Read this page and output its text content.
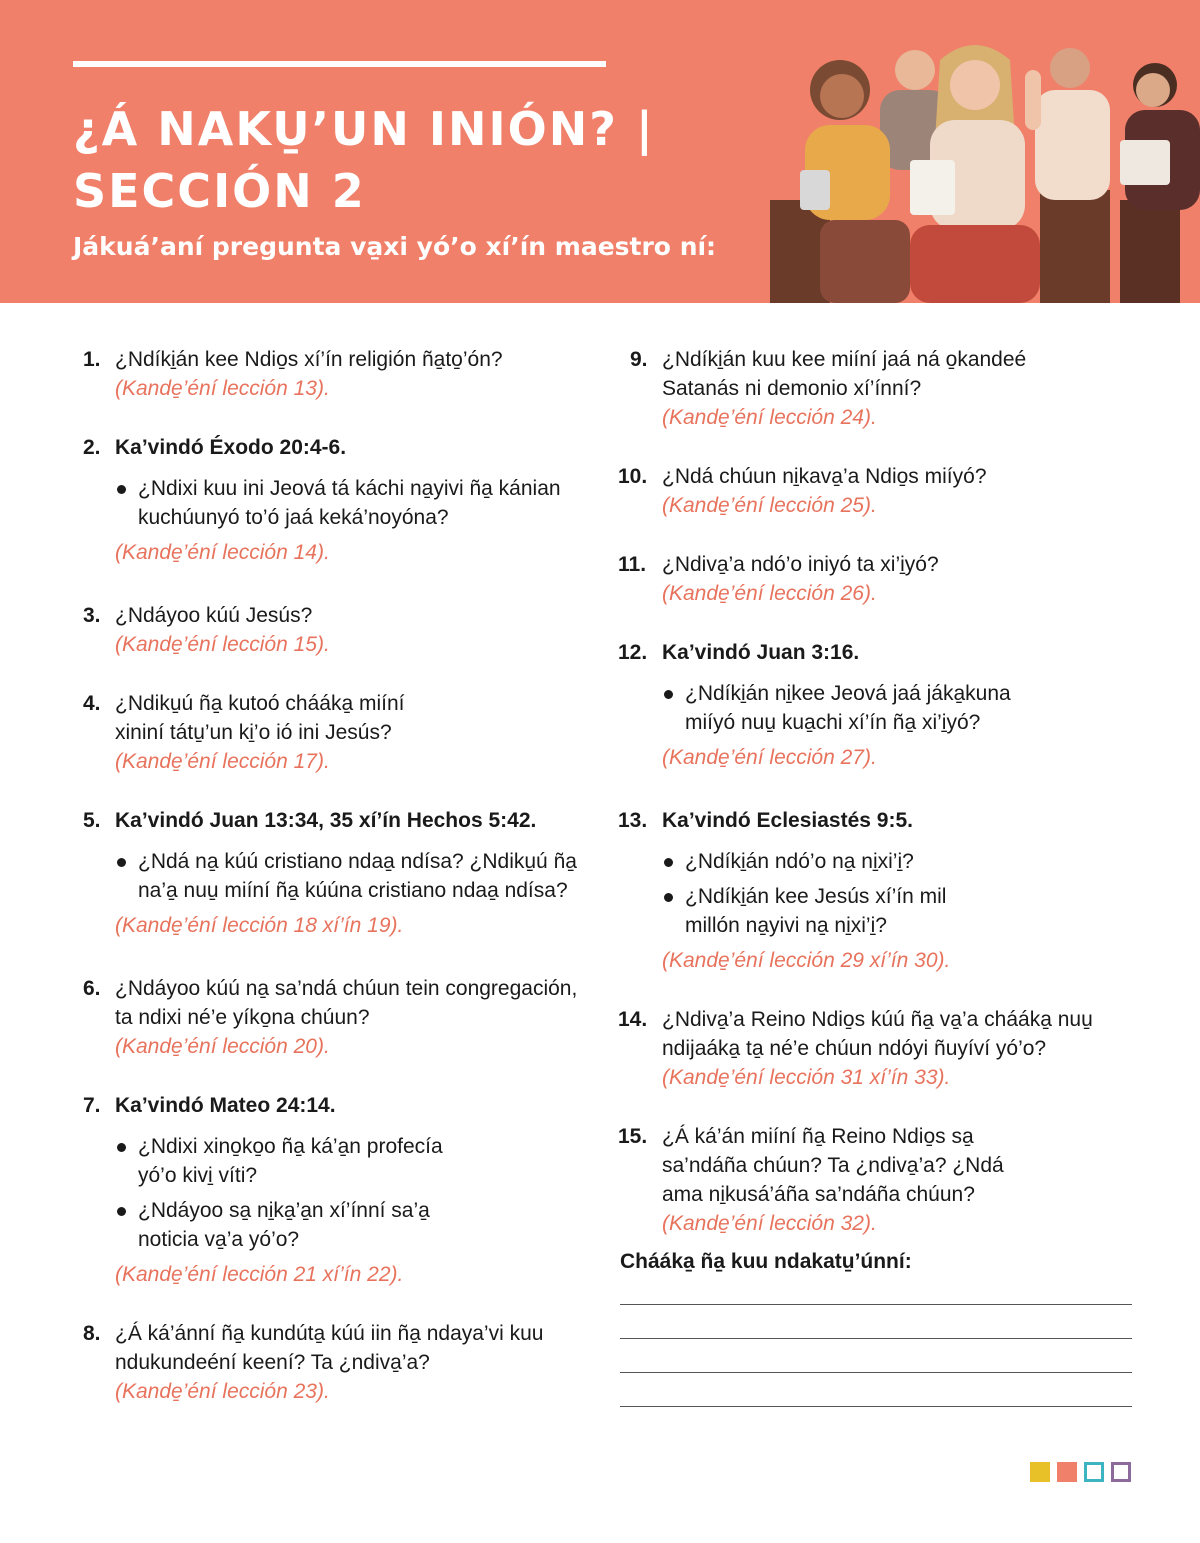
¿Á NAKU̱’UN INIÓN? | SECCIÓN 2
Jákuá’aní pregunta va̱xi yó’o xí’ín maestro ní:
1. ¿Ndíki̱án kee Ndio̱s xí’ín religión ña̱to̱’ón?
(Kande̱’éní lección 13).
2. Ka’vindó Éxodo 20:4-6.
¿Ndixi kuu ini Jeová tá káchi na̱yivi ña̱ kánian kuchúunyó to’ó jaá keká’noyóna?
(Kande̱’éní lección 14).
3. ¿Ndáyoo kúú Jesús?
(Kande̱’éní lección 15).
4. ¿Ndiku̱ú ña̱ kutoó chááka̱ miíní xininí tátu̱’un ki̱’o ió ini Jesús?
(Kande̱’éní lección 17).
5. Ka’vindó Juan 13:34, 35 xí’ín Hechos 5:42.
¿Ndá na̱ kúú cristiano ndaa̱ ndísa? ¿Ndiku̱ú ña̱ na’a̱ nuu̱ miíní ña̱ kúúna cristiano ndaa̱ ndísa?
(Kande̱’éní lección 18 xí’ín 19).
6. ¿Ndáyoo kúú na̱ sa’ndá chúun tein congregación, ta ndixi né’e yíko̱na chúun?
(Kande̱’éní lección 20).
7. Ka’vindó Mateo 24:14.
¿Ndixi xino̱ko̱o ña̱ ká’a̱n profecía yó’o kivi̱ víti?
¿Ndáyoo sa̱ ni̱ka̱’a̱n xí’ínní sa’a̱ noticia va̱’a yó’o?
(Kande̱’éní lección 21 xí’ín 22).
8. ¿Á ká’ánní ña̱ kundúta̱ kúú iin ña̱ ndaya’vi kuu ndukundeéní keení? Ta ¿ndiva̱’a?
(Kande̱’éní lección 23).
9. ¿Ndíki̱án kuu kee miíní jaá ná o̱kandeé Satanás ni demonio xí’ínní?
(Kande̱’éní lección 24).
10. ¿Ndá chúun ni̱kava̱’a Ndio̱s miíyó?
(Kande̱’éní lección 25).
11. ¿Ndiva̱’a ndó’o iniyó ta xi’i̱yó?
(Kande̱’éní lección 26).
12. Ka’vindó Juan 3:16.
¿Ndíki̱án ni̱kee Jeová jaá jáka̱kuna miíyó nuu̱ kua̱chi xí’ín ña̱ xi’i̱yó?
(Kande̱’éní lección 27).
13. Ka’vindó Eclesiastés 9:5.
¿Ndíki̱án ndó’o na̱ ni̱xi’i̱?
¿Ndíki̱án kee Jesús xí’ín mil millón na̱yivi na̱ ni̱xi’i̱?
(Kande̱’éní lección 29 xí’ín 30).
14. ¿Ndiva̱’a Reino Ndio̱s kúú ña̱ va̱’a chááka̱ nuu̱ ndijaáka̱ ta̱ né’e chúun ndóyi ñuyíví yó’o?
(Kande̱’éní lección 31 xí’ín 33).
15. ¿Á ká’án miíní ña̱ Reino Ndio̱s sa̱ sa’ndáña chúun? Ta ¿ndiva̱’a? ¿Ndá ama ni̱kusá’áña sa’ndáña chúun?
(Kande̱’éní lección 32).
Chááka̱ ña̱ kuu ndakatu̱’únní:
